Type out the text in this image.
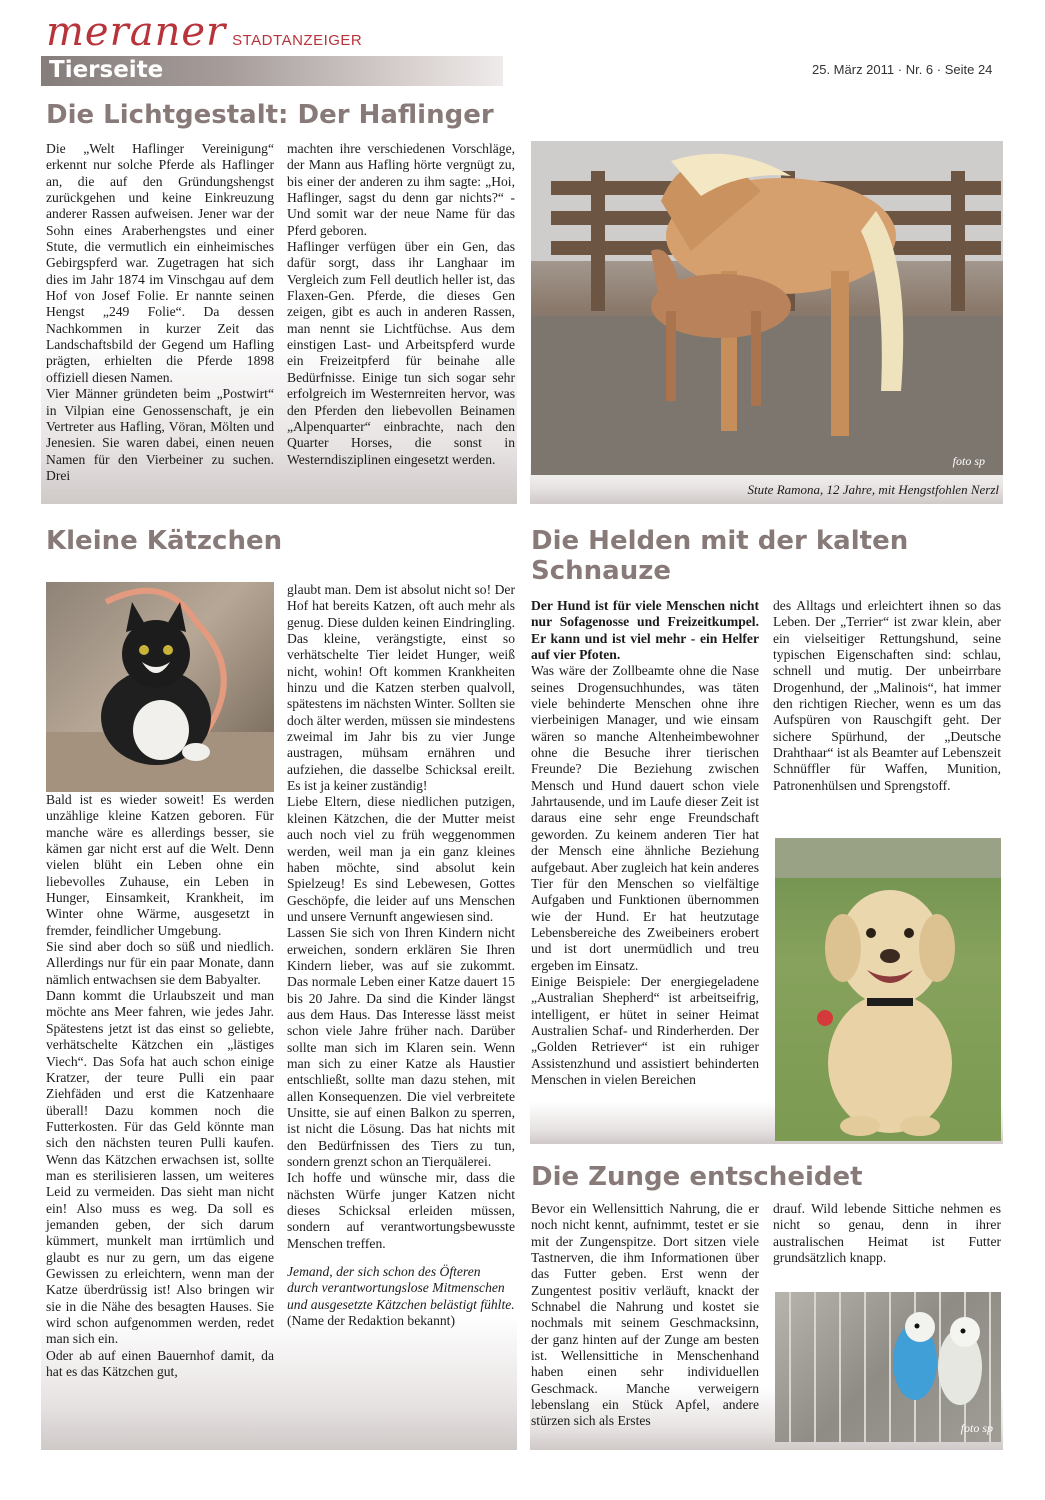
meraner STADTANZEIGER
Tierseite	25. März 2011 · Nr. 6 · Seite 24
Die Lichtgestalt: Der Haflinger

Die „Welt Haflinger Vereinigung“ erkennt nur solche Pferde als Haflinger an, die auf den Gründungshengst zurückgehen und keine Einkreuzung anderer Rassen aufweisen. Jener war der Sohn eines Araberhengstes und einer Stute, die vermutlich ein einheimisches Gebirgspferd war. Zugetragen hat sich dies im Jahr 1874 im Vinschgau auf dem Hof von Josef Folie. Er nannte seinen Hengst „249 Folie“. Da dessen Nachkommen in kurzer Zeit das Landschaftsbild der Gegend um Hafling prägten, erhielten die Pferde 1898 offiziell diesen Namen.

Vier Männer gründeten beim „Postwirt“ in Vilpian eine Genossenschaft, je ein Vertreter aus Hafling, Vöran, Mölten und Jenesien. Sie waren dabei, einen neuen Namen für den Vierbeiner zu suchen. Drei

machten ihre verschiedenen Vorschläge, der Mann aus Hafling hörte vergnügt zu, bis einer der anderen zu ihm sagte: „Hoi, Haflinger, sagst du denn gar nichts?“ - Und somit war der neue Name für das Pferd geboren.

Haflinger verfügen über ein Gen, das dafür sorgt, dass ihr Langhaar im Vergleich zum Fell deutlich heller ist, das Flaxen-Gen. Pferde, die dieses Gen zeigen, gibt es auch in anderen Rassen, man nennt sie Lichtfüchse. Aus dem einstigen Last- und Arbeitspferd wurde ein Freizeitpferd für beinahe alle Bedürfnisse. Einige tun sich sogar sehr erfolgreich im Westernreiten hervor, was den Pferden den liebevollen Beinamen „Alpenquarter“ einbrachte, nach den Quarter Horses, die sonst in Westerndisziplinen eingesetzt werden.	foto sp
Stute Ramona, 12 Jahre, mit Hengstfohlen Nerzl
Kleine Kätzchen

Bald ist es wieder soweit! Es werden unzählige kleine Katzen geboren. Für manche wäre es allerdings besser, sie kämen gar nicht erst auf die Welt. Denn vielen blüht ein Leben ohne ein liebevolles Zuhause, ein Leben in Hunger, Einsamkeit, Krankheit, im Winter ohne Wärme, ausgesetzt in fremder, feindlicher Umgebung.

Sie sind aber doch so süß und niedlich. Allerdings nur für ein paar Monate, dann nämlich entwachsen sie dem Babyalter.

Dann kommt die Urlaubszeit und man möchte ans Meer fahren, wie jedes Jahr. Spätestens jetzt ist das einst so geliebte, verhätschelte Kätzchen ein „lästiges Viech“. Das Sofa hat auch schon einige Kratzer, der teure Pulli ein paar Ziehfäden und erst die Katzenhaare überall! Dazu kommen noch die Futterkosten. Für das Geld könnte man sich den nächsten teuren Pulli kaufen. Wenn das Kätzchen erwachsen ist, sollte man es sterilisieren lassen, um weiteres Leid zu vermeiden. Das sieht man nicht ein! Also muss es weg. Da soll es jemanden geben, der sich darum kümmert, munkelt man irrtümlich und glaubt es nur zu gern, um das eigene Gewissen zu erleichtern, wenn man der Katze überdrüssig ist! Also bringen wir sie in die Nähe des besagten Hauses. Sie wird schon aufgenommen werden, redet man sich ein.

Oder ab auf einen Bauernhof damit, da hat es das Kätzchen gut,

glaubt man. Dem ist absolut nicht so! Der Hof hat bereits Katzen, oft auch mehr als genug. Diese dulden keinen Eindringling. Das kleine, verängstigte, einst so verhätschelte Tier leidet Hunger, weiß nicht, wohin! Oft kommen Krankheiten hinzu und die Katzen sterben qualvoll, spätestens im nächsten Winter. Sollten sie doch älter werden, müssen sie mindestens zweimal im Jahr bis zu vier Junge austragen, mühsam ernähren und aufziehen, die dasselbe Schicksal ereilt. Es ist ja keiner zuständig!

Liebe Eltern, diese niedlichen putzigen, kleinen Kätzchen, die der Mutter meist auch noch viel zu früh weggenommen werden, weil man ja ein ganz kleines haben möchte, sind absolut kein Spielzeug! Es sind Lebewesen, Gottes Geschöpfe, die leider auf uns Menschen und unsere Vernunft angewiesen sind.

Lassen Sie sich von Ihren Kindern nicht erweichen, sondern erklären Sie Ihren Kindern lieber, was auf sie zukommt. Das normale Leben einer Katze dauert 15 bis 20 Jahre. Da sind die Kinder längst aus dem Haus. Das Interesse lässt meist schon viele Jahre früher nach. Darüber sollte man sich im Klaren sein. Wenn man sich zu einer Katze als Haustier entschließt, sollte man dazu stehen, mit allen Konsequenzen. Die viel verbreitete Unsitte, sie auf einen Balkon zu sperren, ist nicht die Lösung. Das hat nichts mit den Bedürfnissen des Tiers zu tun, sondern grenzt schon an Tierquälerei.

Ich hoffe und wünsche mir, dass die nächsten Würfe junger Katzen nicht dieses Schicksal erleiden müssen, sondern auf verantwortungsbewusste Menschen treffen.

Jemand, der sich schon des Öfteren durch verantwortungslose Mitmenschen und ausgesetzte Kätzchen belästigt fühlte.

(Name der Redaktion bekannt)

Die Helden mit der kalten Schnauze

Der Hund ist für viele Menschen nicht nur Sofagenosse und Freizeitkumpel. Er kann und ist viel mehr - ein Helfer auf vier Pfoten.

Was wäre der Zollbeamte ohne die Nase seines Drogensuchhundes, was täten viele behinderte Menschen ohne ihre vierbeinigen Manager, und wie einsam wären so manche Altenheimbewohner ohne die Besuche ihrer tierischen Freunde? Die Beziehung zwischen Mensch und Hund dauert schon viele Jahrtausende, und im Laufe dieser Zeit ist daraus eine sehr enge Freundschaft geworden. Zu keinem anderen Tier hat der Mensch eine ähnliche Beziehung aufgebaut. Aber zugleich hat kein anderes Tier für den Menschen so vielfältige Aufgaben und Funktionen übernommen wie der Hund. Er hat heutzutage Lebensbereiche des Zweibeiners erobert und ist dort unermüdlich und treu ergeben im Einsatz.

Einige Beispiele: Der energiegeladene „Australian Shepherd“ ist arbeitseifrig, intelligent, er hütet in seiner Heimat Australien Schaf- und Rinderherden. Der „Golden Retriever“ ist ein ruhiger Assistenzhund und assistiert behinderten Menschen in vielen Bereichen

des Alltags und erleichtert ihnen so das Leben. Der „Terrier“ ist zwar klein, aber ein vielseitiger Rettungshund, seine typischen Eigenschaften sind: schlau, schnell und mutig. Der unbeirrbare Drogenhund, der „Malinois“, hat immer den richtigen Riecher, wenn es um das Aufspüren von Rauschgift geht. Der sichere Spürhund, der „Deutsche Drahthaar“ ist als Beamter auf Lebenszeit Schnüffler für Waffen, Munition, Patronenhülsen und Sprengstoff.

Die Zunge entscheidet

Bevor ein Wellensittich Nahrung, die er noch nicht kennt, aufnimmt, testet er sie mit der Zungenspitze. Dort sitzen viele Tastnerven, die ihm Informationen über das Futter geben. Erst wenn der Zungentest positiv verläuft, knackt der Schnabel die Nahrung und kostet sie nochmals mit seinem Geschmacksinn, der ganz hinten auf der Zunge am besten ist. Wellensittiche in Menschenhand haben einen sehr individuellen Geschmack. Manche verweigern lebenslang ein Stück Apfel, andere stürzen sich als Erstes

drauf. Wild lebende Sittiche nehmen es nicht so genau, denn in ihrer australischen Heimat ist Futter grundsätzlich knapp.

foto sp
